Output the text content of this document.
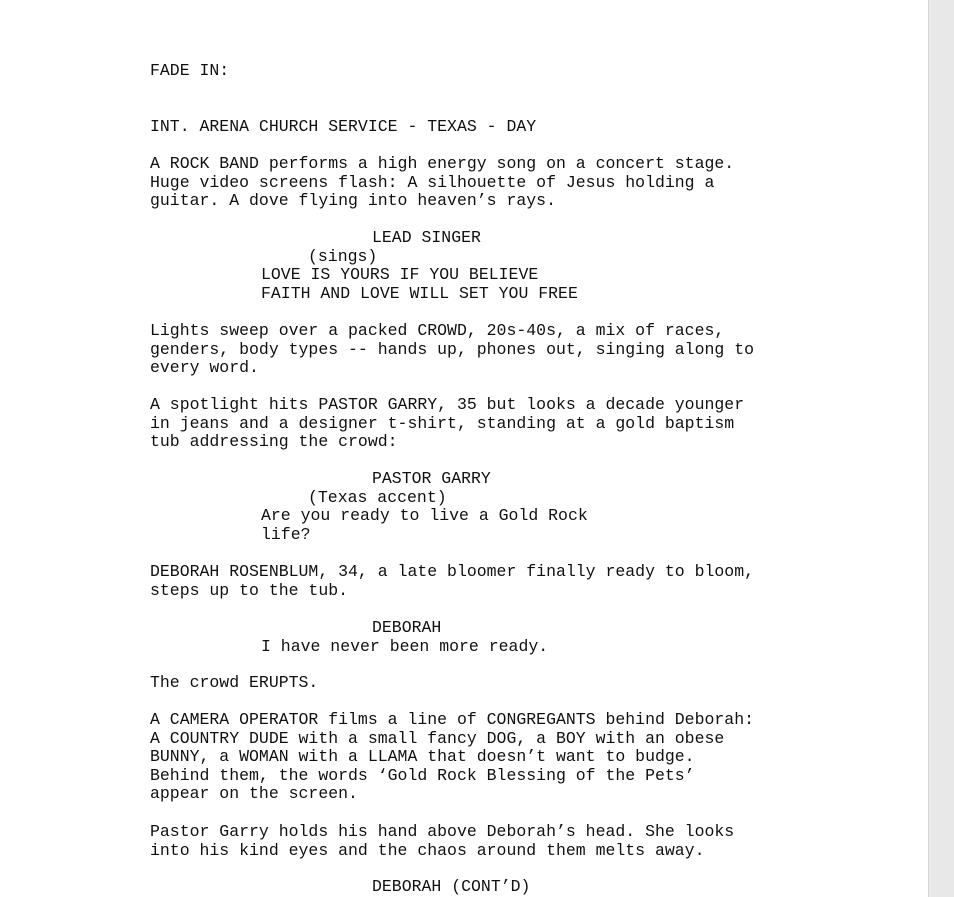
FADE IN:
INT. ARENA CHURCH SERVICE - TEXAS - DAY
A ROCK BAND performs a high energy song on a concert stage.
Huge video screens flash: A silhouette of Jesus holding a
guitar. A dove flying into heaven’s rays.
LEAD SINGER
(sings)
LOVE IS YOURS IF YOU BELIEVE
FAITH AND LOVE WILL SET YOU FREE
Lights sweep over a packed CROWD, 20s-40s, a mix of races,
genders, body types -- hands up, phones out, singing along to
every word.
A spotlight hits PASTOR GARRY, 35 but looks a decade younger
in jeans and a designer t-shirt, standing at a gold baptism
tub addressing the crowd:
PASTOR GARRY
(Texas accent)
Are you ready to live a Gold Rock
life?
DEBORAH ROSENBLUM, 34, a late bloomer finally ready to bloom,
steps up to the tub.
DEBORAH
I have never been more ready.
The crowd ERUPTS.
A CAMERA OPERATOR films a line of CONGREGANTS behind Deborah:
A COUNTRY DUDE with a small fancy DOG, a BOY with an obese
BUNNY, a WOMAN with a LLAMA that doesn’t want to budge.
Behind them, the words ‘Gold Rock Blessing of the Pets’
appear on the screen.
Pastor Garry holds his hand above Deborah’s head. She looks
into his kind eyes and the chaos around them melts away.
DEBORAH (CONT’D)
